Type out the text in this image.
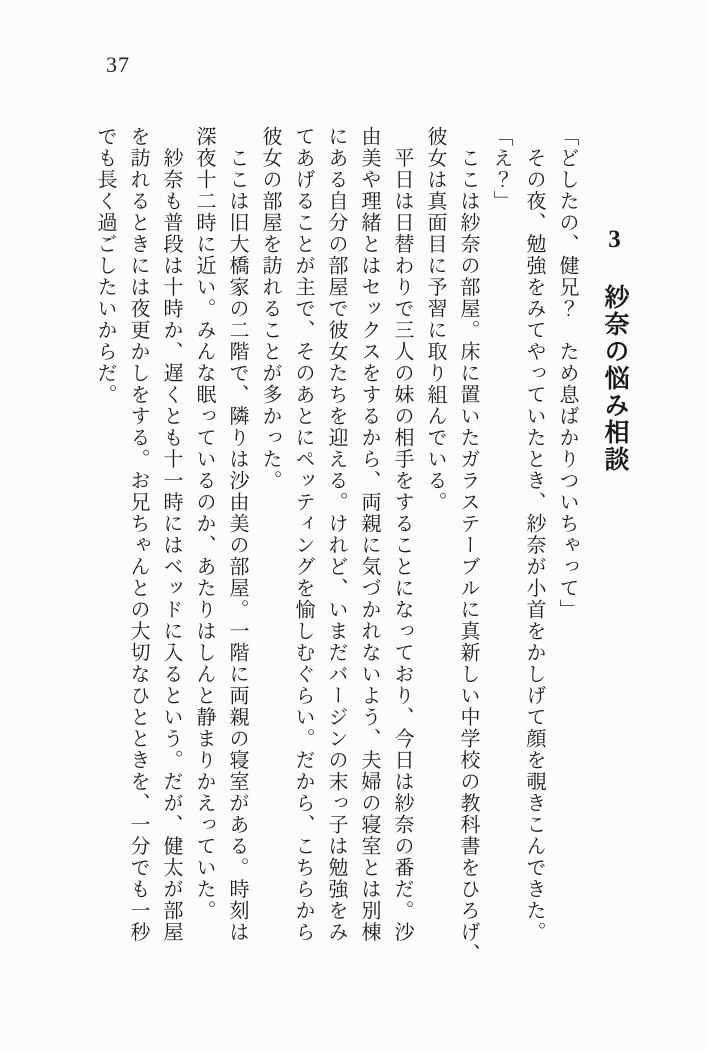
37
3 紗奈の悩み相談
「どしたの、健兄？　ため息ばかりついちゃって」
　その夜、勉強をみてやっていたとき、紗奈が小首をかしげて顔を覗きこんできた。
「え？」
　ここは紗奈の部屋。床に置いたガラステーブルに真新しい中学校の教科書をひろげ、
彼女は真面目に予習に取り組んでいる。
　平日は日替わりで三人の妹の相手をすることになっており、今日は紗奈の番だ。沙
由美や理緒とはセックスをするから、両親に気づかれないよう、夫婦の寝室とは別棟
にある自分の部屋で彼女たちを迎える。けれど、いまだバージンの末っ子は勉強をみ
てあげることが主で、そのあとにペッティングを愉しむぐらい。だから、こちらから
彼女の部屋を訪れることが多かった。
　ここは旧大橋家の二階で、隣りは沙由美の部屋。一階に両親の寝室がある。時刻は
深夜十二時に近い。みんな眠っているのか、あたりはしんと静まりかえっていた。
　紗奈も普段は十時か、遅くとも十一時にはベッドに入るという。だが、健太が部屋
を訪れるときには夜更かしをする。お兄ちゃんとの大切なひとときを、一分でも一秒
でも長く過ごしたいからだ。
